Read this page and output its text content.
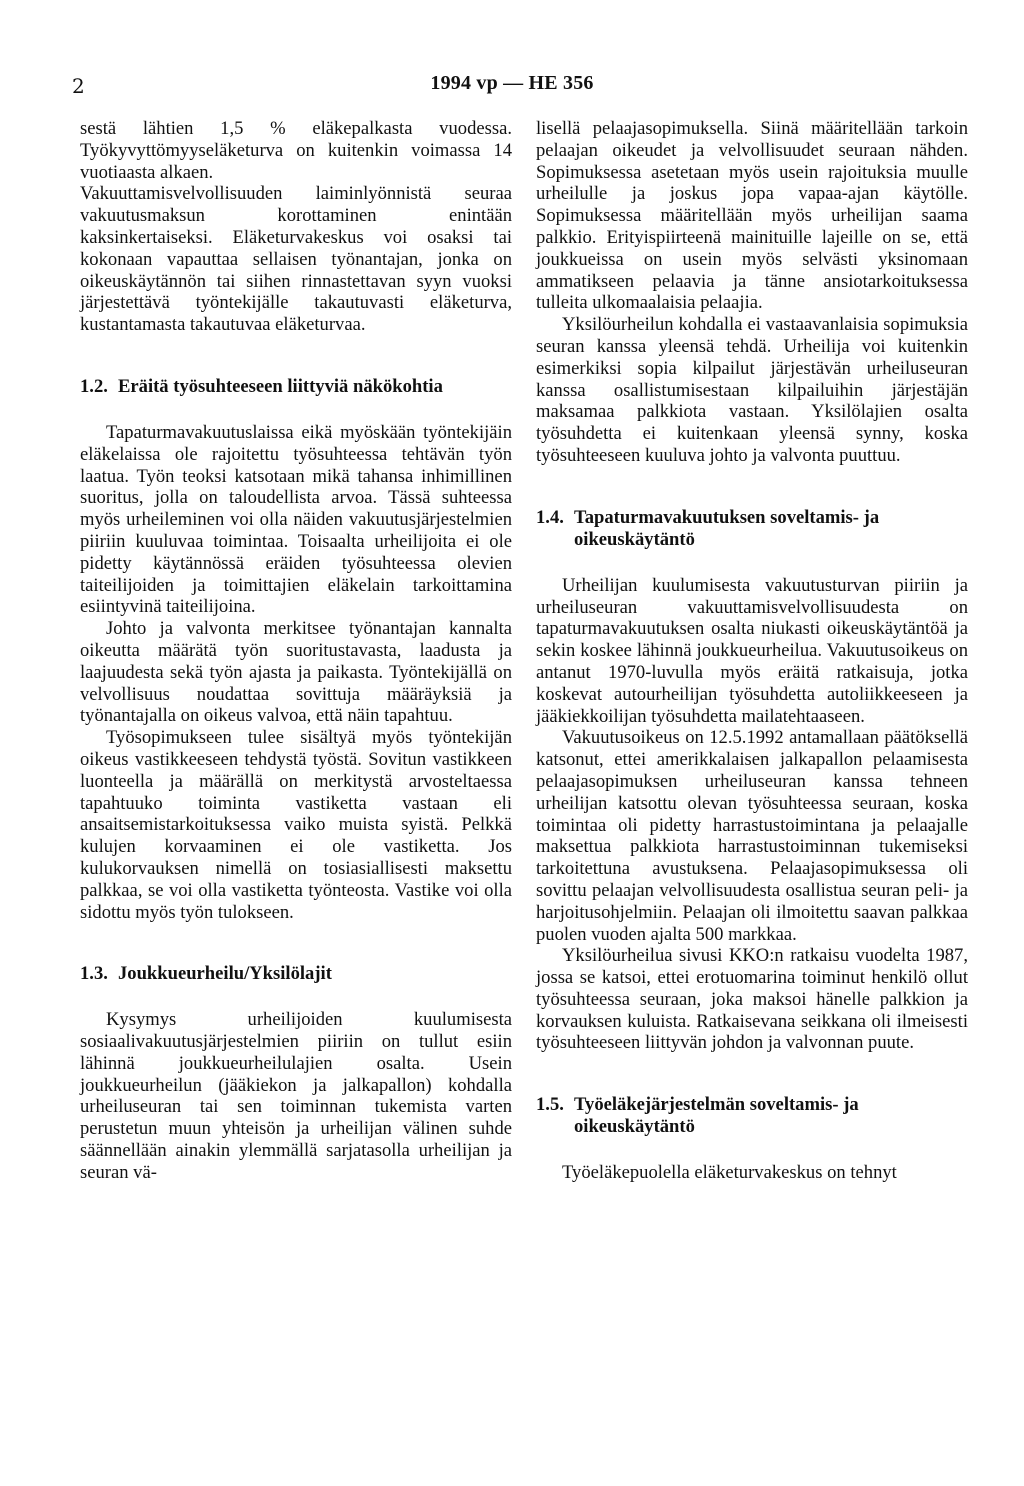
2	1994 vp — HE 356

sestä lähtien 1,5 % eläkepalkasta vuodessa. Työkyvyttömyyseläketurva on kuitenkin voimassa 14 vuotiaasta alkaen.

Vakuuttamisvelvollisuuden laiminlyönnistä seuraa vakuutusmaksun korottaminen enintään kaksinkertaiseksi. Eläketurvakeskus voi osaksi tai kokonaan vapauttaa sellaisen työnantajan, jonka on oikeuskäytännön tai siihen rinnastettavan syyn vuoksi järjestettävä työntekijälle takautuvasti eläketurva, kustantamasta takautuvaa eläketurvaa.

1.2. Eräitä työsuhteeseen liittyviä näkökohtia

Tapaturmavakuutuslaissa eikä myöskään työntekijäin eläkelaissa ole rajoitettu työsuhteessa tehtävän työn laatua. Työn teoksi katsotaan mikä tahansa inhimillinen suoritus, jolla on taloudellista arvoa. Tässä suhteessa myös urheileminen voi olla näiden vakuutusjärjestelmien piiriin kuuluvaa toimintaa. Toisaalta urheilijoita ei ole pidetty käytännössä eräiden työsuhteessa olevien taiteilijoiden ja toimittajien eläkelain tarkoittamina esiintyvinä taiteilijoina.

Johto ja valvonta merkitsee työnantajan kannalta oikeutta määrätä työn suoritustavasta, laadusta ja laajuudesta sekä työn ajasta ja paikasta. Työntekijällä on velvollisuus noudattaa sovittuja määräyksiä ja työnantajalla on oikeus valvoa, että näin tapahtuu.

Työsopimukseen tulee sisältyä myös työntekijän oikeus vastikkeeseen tehdystä työstä. Sovitun vastikkeen luonteella ja määrällä on merkitystä arvosteltaessa tapahtuuko toiminta vastiketta vastaan eli ansaitsemistarkoituksessa vaiko muista syistä. Pelkkä kulujen korvaaminen ei ole vastiketta. Jos kulukorvauksen nimellä on tosiasiallisesti maksettu palkkaa, se voi olla vastiketta työnteosta. Vastike voi olla sidottu myös työn tulokseen.

1.3. Joukkueurheilu/Yksilölajit

Kysymys urheilijoiden kuulumisesta sosiaalivakuutusjärjestelmien piiriin on tullut esiin lähinnä joukkueurheilulajien osalta. Usein joukkueurheilun (jääkiekon ja jalkapallon) kohdalla urheiluseuran tai sen toiminnan tukemista varten perustetun muun yhteisön ja urheilijan välinen suhde säännellään ainakin ylemmällä sarjatasolla urheilijan ja seuran vä-

lisellä pelaajasopimuksella. Siinä määritellään tarkoin pelaajan oikeudet ja velvollisuudet seuraan nähden. Sopimuksessa asetetaan myös usein rajoituksia muulle urheilulle ja joskus jopa vapaa-ajan käytölle. Sopimuksessa määritellään myös urheilijan saama palkkio. Erityispiirteenä mainituille lajeille on se, että joukkueissa on usein myös selvästi yksinomaan ammatikseen pelaavia ja tänne ansiotarkoituksessa tulleita ulkomaalaisia pelaajia.

Yksilöurheilun kohdalla ei vastaavanlaisia sopimuksia seuran kanssa yleensä tehdä. Urheilija voi kuitenkin esimerkiksi sopia kilpailut järjestävän urheiluseuran kanssa osallistumisestaan kilpailuihin järjestäjän maksamaa palkkiota vastaan. Yksilölajien osalta työsuhdetta ei kuitenkaan yleensä synny, koska työsuhteeseen kuuluva johto ja valvonta puuttuu.

1.4. Tapaturmavakuutuksen soveltamis- ja oikeuskäytäntö

Urheilijan kuulumisesta vakuutusturvan piiriin ja urheiluseuran vakuuttamisvelvollisuudesta on tapaturmavakuutuksen osalta niukasti oikeuskäytäntöä ja sekin koskee lähinnä joukkueurheilua. Vakuutusoikeus on antanut 1970-luvulla myös eräitä ratkaisuja, jotka koskevat autourheilijan työsuhdetta autoliikkeeseen ja jääkiekkoilijan työsuhdetta mailatehtaaseen.

Vakuutusoikeus on 12.5.1992 antamallaan päätöksellä katsonut, ettei amerikkalaisen jalkapallon pelaamisesta pelaajasopimuksen urheiluseuran kanssa tehneen urheilijan katsottu olevan työsuhteessa seuraan, koska toimintaa oli pidetty harrastustoimintana ja pelaajalle maksettua palkkiota harrastustoiminnan tukemiseksi tarkoitettuna avustuksena. Pelaajasopimuksessa oli sovittu pelaajan velvollisuudesta osallistua seuran peli- ja harjoitusohjelmiin. Pelaajan oli ilmoitettu saavan palkkaa puolen vuoden ajalta 500 markkaa.

Yksilöurheilua sivusi KKO:n ratkaisu vuodelta 1987, jossa se katsoi, ettei erotuomarina toiminut henkilö ollut työsuhteessa seuraan, joka maksoi hänelle palkkion ja korvauksen kuluista. Ratkaisevana seikkana oli ilmeisesti työsuhteeseen liittyvän johdon ja valvonnan puute.

1.5. Työeläkejärjestelmän soveltamis- ja oikeuskäytäntö

Työeläkepuolella eläketurvakeskus on tehnyt
